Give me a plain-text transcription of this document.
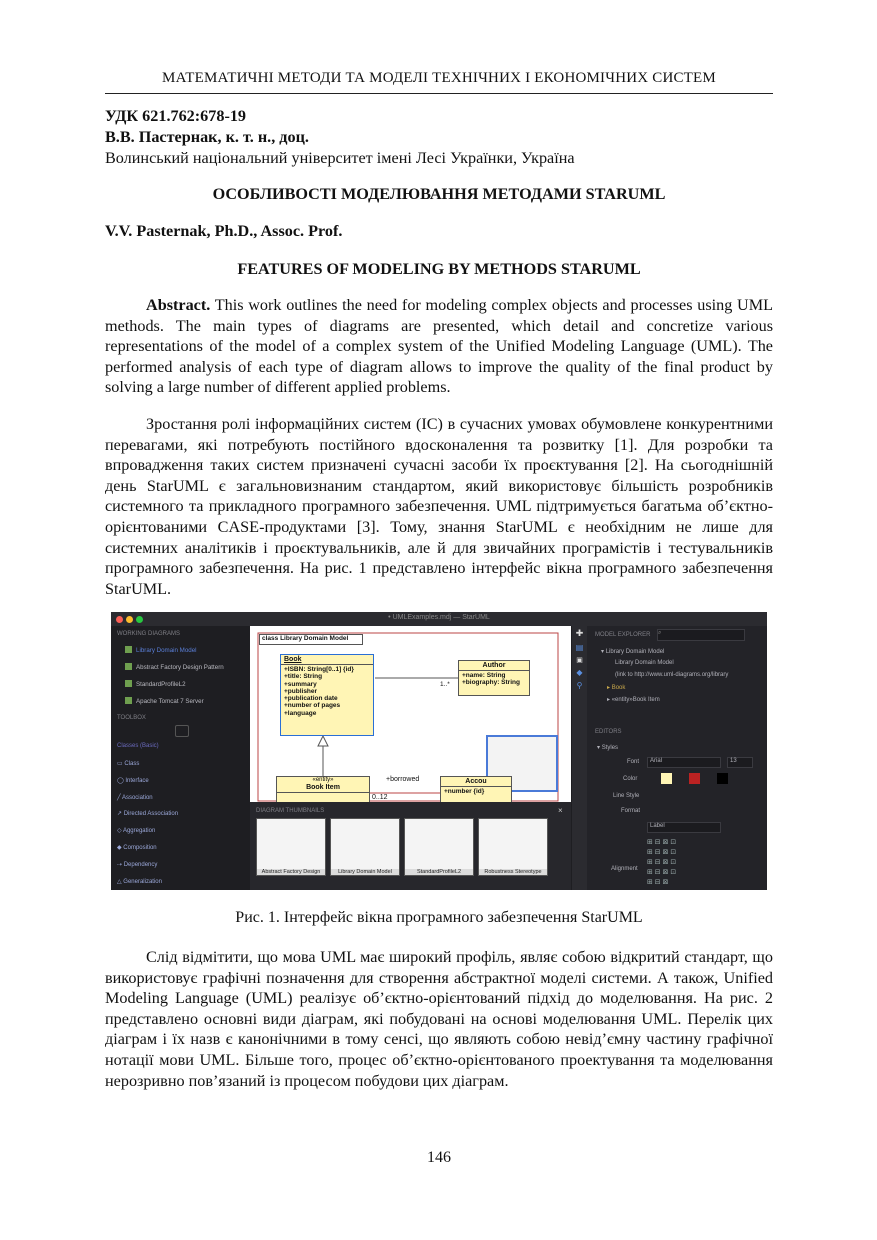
МАТЕМАТИЧНІ МЕТОДИ ТА МОДЕЛІ ТЕХНІЧНИХ І ЕКОНОМІЧНИХ СИСТЕМ
УДК 621.762:678-19
В.В. Пастернак, к. т. н., доц.
Волинський національний університет імені Лесі Українки, Україна
ОСОБЛИВОСТІ МОДЕЛЮВАННЯ МЕТОДАМИ STARUML
V.V. Pasternak, Ph.D., Assoc. Prof.
FEATURES OF MODELING BY METHODS STARUML

Abstract. This work outlines the need for modeling complex objects and processes using UML methods. The main types of diagrams are presented, which detail and concretize various representations of the model of a complex system of the Unified Modeling Language (UML). The performed analysis of each type of diagram allows to improve the quality of the final product by solving a large number of different applied problems.

Зростання ролі інформаційних систем (ІС) в сучасних умовах обумовлене конкурентними перевагами, які потребують постійного вдосконалення та розвитку [1]. Для розробки та впровадження таких систем призначені сучасні засоби їх проєктування [2]. На сьогоднішній день StarUML є загальновизнаним стандартом, який використовує більшість розробників системного та прикладного програмного забезпечення. UML підтримується багатьма об’єктно-орієнтованими CASE-продуктами [3]. Тому, знання StarUML є необхідним не лише для системних аналітиків і проєктувальників, але й для звичайних програмістів і тестувальників програмного забезпечення. На рис. 1 представлено інтерфейс вікна програмного забезпечення StarUML.

• UMLExamples.mdj — StarUML
WORKING DIAGRAMS
Library Domain Model
Abstract Factory Design Pattern
StandardProfileL2
Apache Tomcat 7 Server
TOOLBOX
Classes (Basic)
▭ Class
◯ Interface
╱ Association
↗ Directed Association
◇ Aggregation
◆ Composition
⇢ Dependency
△ Generalization
class Library Domain Model
Book
+ISBN: String[0..1] {id}
+title: String
+summary
+publisher
+publication date
+number of pages
+language
Author
+name: String
+biography: String
«entity»
Book Item
Accou
+number {id}
1..*
+borrowed
0..12
✚
▤
▣
◆
⚲
DIAGRAM THUMBNAILS	×
Abstract Factory Design	Library Domain Model	StandardProfileL2	Robustness Stereotype
MODEL EXPLORER ⌕
▾ Library Domain Model
Library Domain Model
(link to http://www.uml-diagrams.org/library
▸ Book
▸ «entity»Book Item
EDITORS
▾ Styles
Font	Arial	13
Color
Line Style
Format
Label
Alignment
⊞ ⊟ ⊠ ⊡
⊞ ⊟ ⊠ ⊡
⊞ ⊟ ⊠ ⊡
⊞ ⊟ ⊠ ⊡
⊞ ⊟ ⊠
Рис. 1. Інтерфейс вікна програмного забезпечення StarUML

Слід відмітити, що мова UML має широкий профіль, являє собою відкритий стандарт, що використовує графічні позначення для створення абстрактної моделі системи. А також, Unified Modeling Language (UML) реалізує об’єктно-орієнтований підхід до моделювання. На рис. 2 представлено основні види діаграм, які побудовані на основі моделювання UML. Перелік цих діаграм і їх назв є канонічними в тому сенсі, що являють собою невід’ємну частину графічної нотації мови UML. Більше того, процес об’єктно-орієнтованого проектування та моделювання нерозривно пов’язаний із процесом побудови цих діаграм.

146
